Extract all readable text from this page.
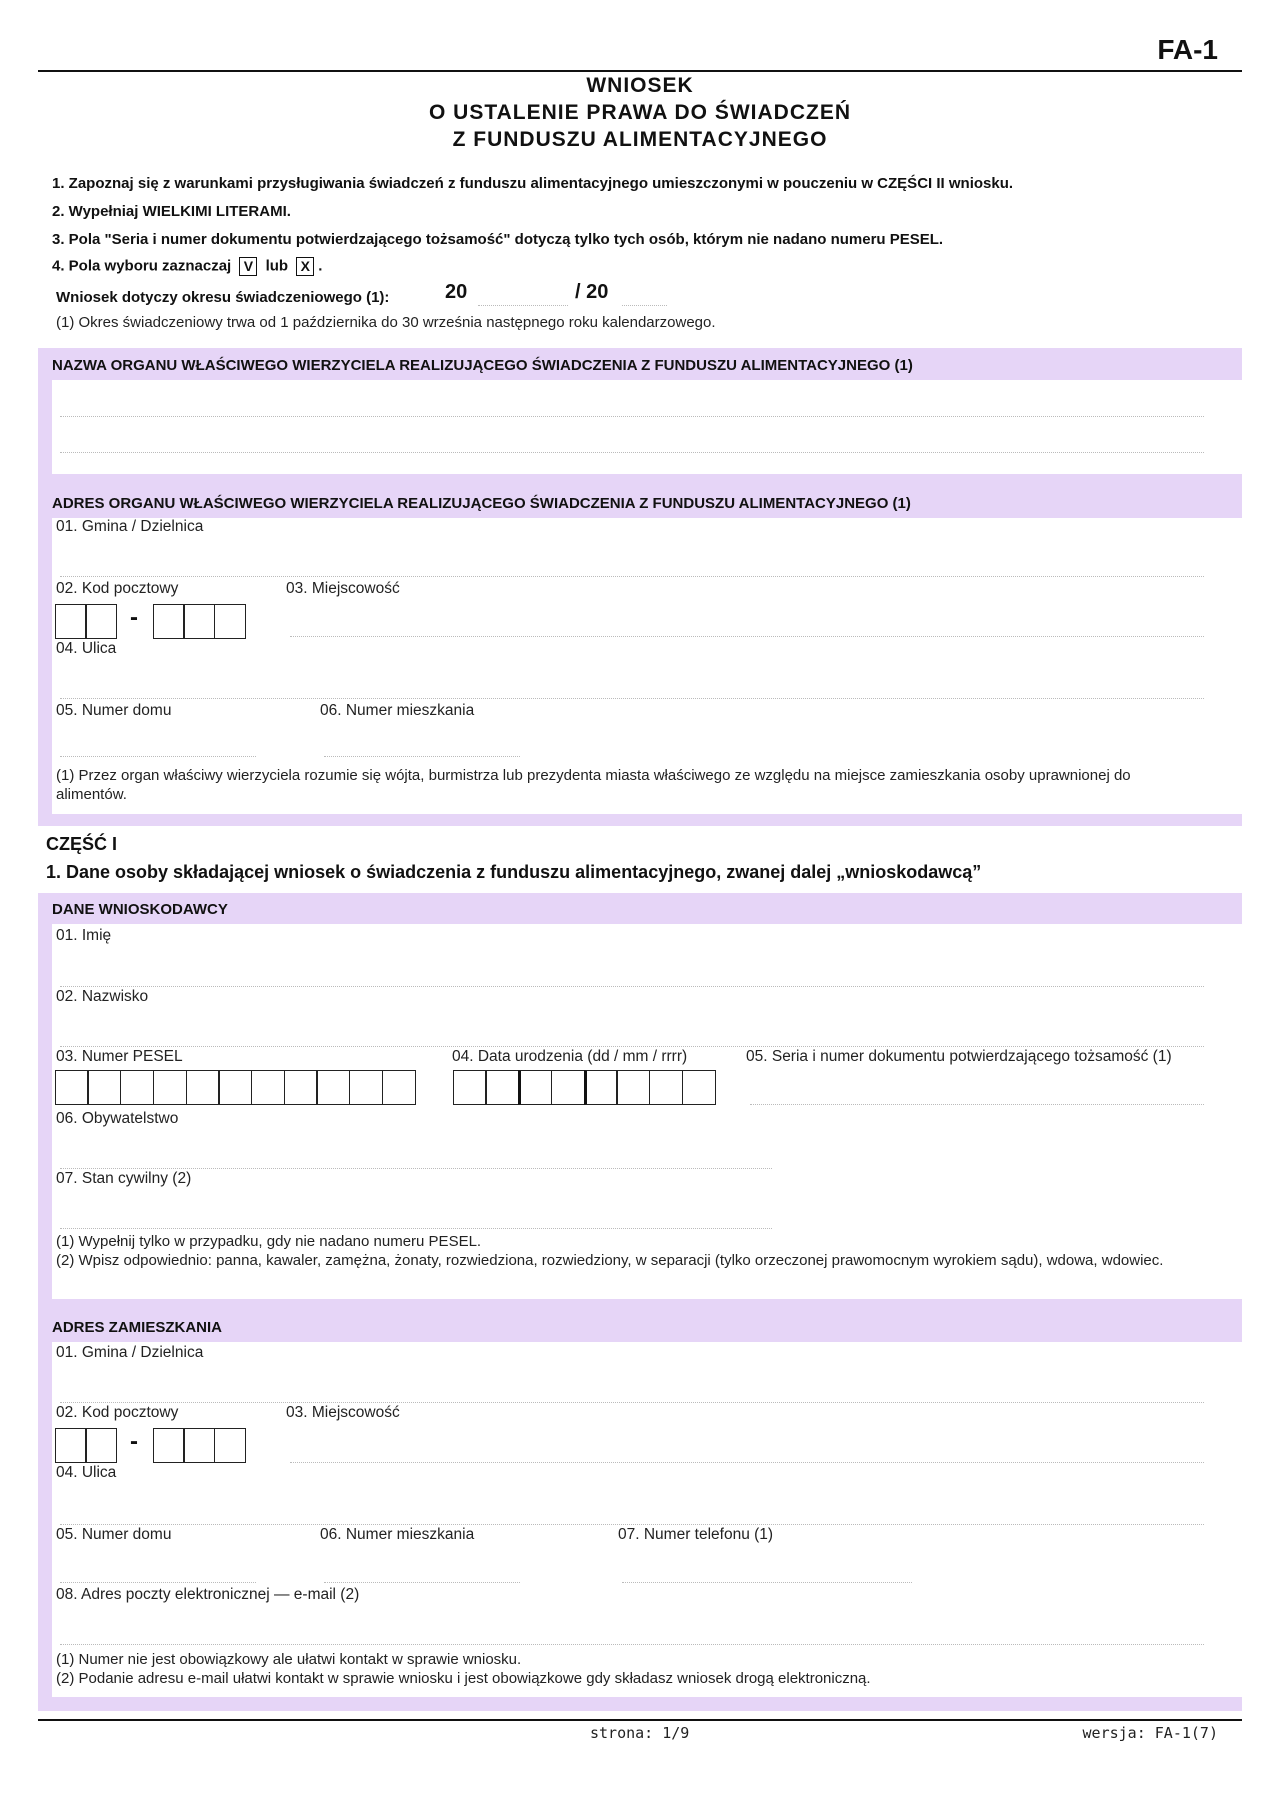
FA-1
WNIOSEK
O USTALENIE PRAWA DO ŚWIADCZEŃ
Z FUNDUSZU ALIMENTACYJNEGO
1. Zapoznaj się z warunkami przysługiwania świadczeń z funduszu alimentacyjnego umieszczonymi w pouczeniu w CZĘŚCI II wniosku.
2. Wypełniaj WIELKIMI LITERAMI.
3. Pola "Seria i numer dokumentu potwierdzającego tożsamość" dotyczą tylko tych osób, którym nie nadano numeru PESEL.
4. Pola wyboru zaznaczaj V lub X .
Wniosek dotyczy okresu świadczeniowego (1):	20	/ 20
(1) Okres świadczeniowy trwa od 1 października do 30 września następnego roku kalendarzowego.
NAZWA ORGANU WŁAŚCIWEGO WIERZYCIELA REALIZUJĄCEGO ŚWIADCZENIA Z FUNDUSZU ALIMENTACYJNEGO (1)
ADRES ORGANU WŁAŚCIWEGO WIERZYCIELA REALIZUJĄCEGO ŚWIADCZENIA Z FUNDUSZU ALIMENTACYJNEGO (1)
01. Gmina / Dzielnica
02. Kod pocztowy
-
03. Miejscowość
04. Ulica
05. Numer domu	06. Numer mieszkania
(1) Przez organ właściwy wierzyciela rozumie się wójta, burmistrza lub prezydenta miasta właściwego ze względu na miejsce zamieszkania osoby uprawnionej do alimentów.
CZĘŚĆ I
1. Dane osoby składającej wniosek o świadczenia z funduszu alimentacyjnego, zwanej dalej „wnioskodawcą”
DANE WNIOSKODAWCY
01. Imię
02. Nazwisko
03. Numer PESEL	04. Data urodzenia (dd / mm / rrrr)	05. Seria i numer dokumentu potwierdzającego tożsamość (1)
06. Obywatelstwo
07. Stan cywilny (2)
(1) Wypełnij tylko w przypadku, gdy nie nadano numeru PESEL.
(2) Wpisz odpowiednio: panna, kawaler, zamężna, żonaty, rozwiedziona, rozwiedziony, w separacji (tylko orzeczonej prawomocnym wyrokiem sądu), wdowa, wdowiec.
ADRES ZAMIESZKANIA
01. Gmina / Dzielnica
02. Kod pocztowy
-
03. Miejscowość
04. Ulica
05. Numer domu	06. Numer mieszkania	07. Numer telefonu (1)
08. Adres poczty elektronicznej — e-mail (2)
(1) Numer nie jest obowiązkowy ale ułatwi kontakt w sprawie wniosku.
(2) Podanie adresu e-mail ułatwi kontakt w sprawie wniosku i jest obowiązkowe gdy składasz wniosek drogą elektroniczną.
strona: 1/9	wersja: FA-1(7)
